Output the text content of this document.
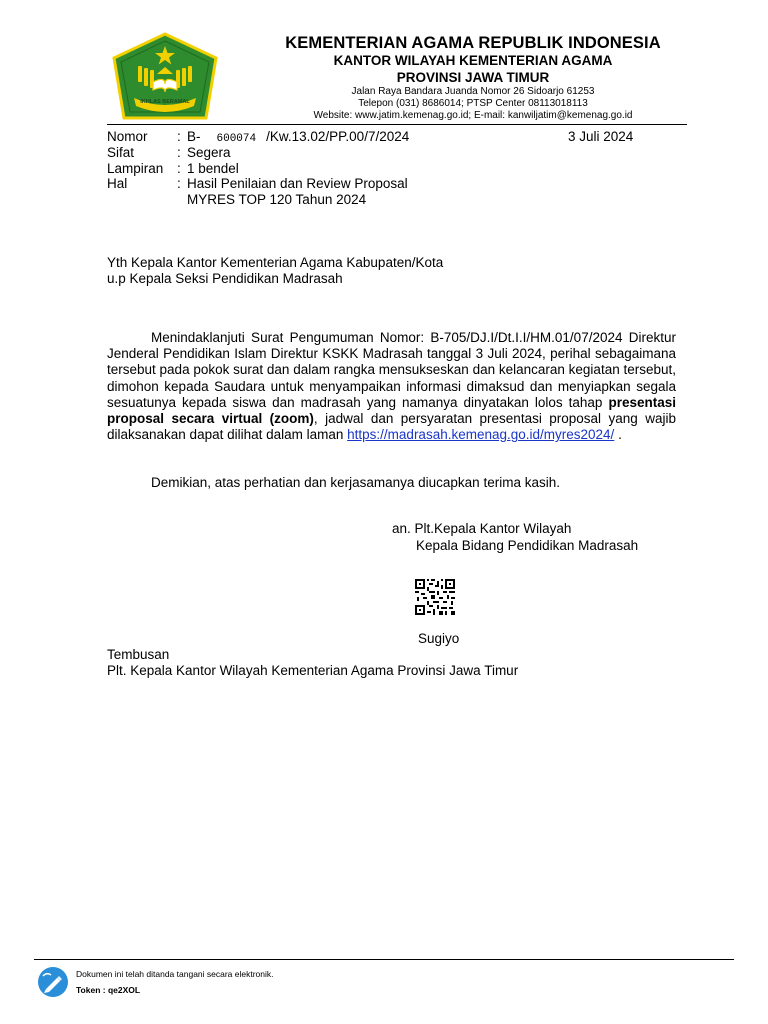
IKHLAS BERAMAL
KEMENTERIAN AGAMA REPUBLIK INDONESIA
KANTOR WILAYAH KEMENTERIAN AGAMA
PROVINSI JAWA TIMUR
Jalan Raya Bandara Juanda Nomor 26 Sidoarjo 61253
Telepon (031) 8686014; PTSP Center 08113018113
Website: www.jatim.kemenag.go.id; E-mail: kanwiljatim@kemenag.go.id
Nomor : B- 600074 /Kw.13.02/PP.00/7/2024	3 Juli 2024
Sifat	: Segera
Lampiran : 1 bendel
Hal	: Hasil Penilaian dan Review Proposal
MYRES TOP 120 Tahun 2024
Yth Kepala Kantor Kementerian Agama Kabupaten/Kota
u.p Kepala Seksi Pendidikan Madrasah
Menindaklanjuti Surat Pengumuman Nomor: B-705/DJ.I/Dt.I.I/HM.01/07/2024 Direktur Jenderal Pendidikan Islam Direktur KSKK Madrasah tanggal 3 Juli 2024, perihal sebagaimana tersebut pada pokok surat dan dalam rangka mensukseskan dan kelancaran kegiatan tersebut, dimohon kepada Saudara untuk menyampaikan informasi dimaksud dan menyiapkan segala sesuatunya kepada siswa dan madrasah yang namanya dinyatakan lolos tahap presentasi proposal secara virtual (zoom), jadwal dan persyaratan presentasi proposal yang wajib dilaksanakan dapat dilihat dalam laman https://madrasah.kemenag.go.id/myres2024/ .
Demikian, atas perhatian dan kerjasamanya diucapkan terima kasih.
an. Plt.Kepala Kantor Wilayah
Kepala Bidang Pendidikan Madrasah
Sugiyo
Tembusan
Plt. Kepala Kantor Wilayah Kementerian Agama Provinsi Jawa Timur
Dokumen ini telah ditanda tangani secara elektronik.
Token : qe2XOL
